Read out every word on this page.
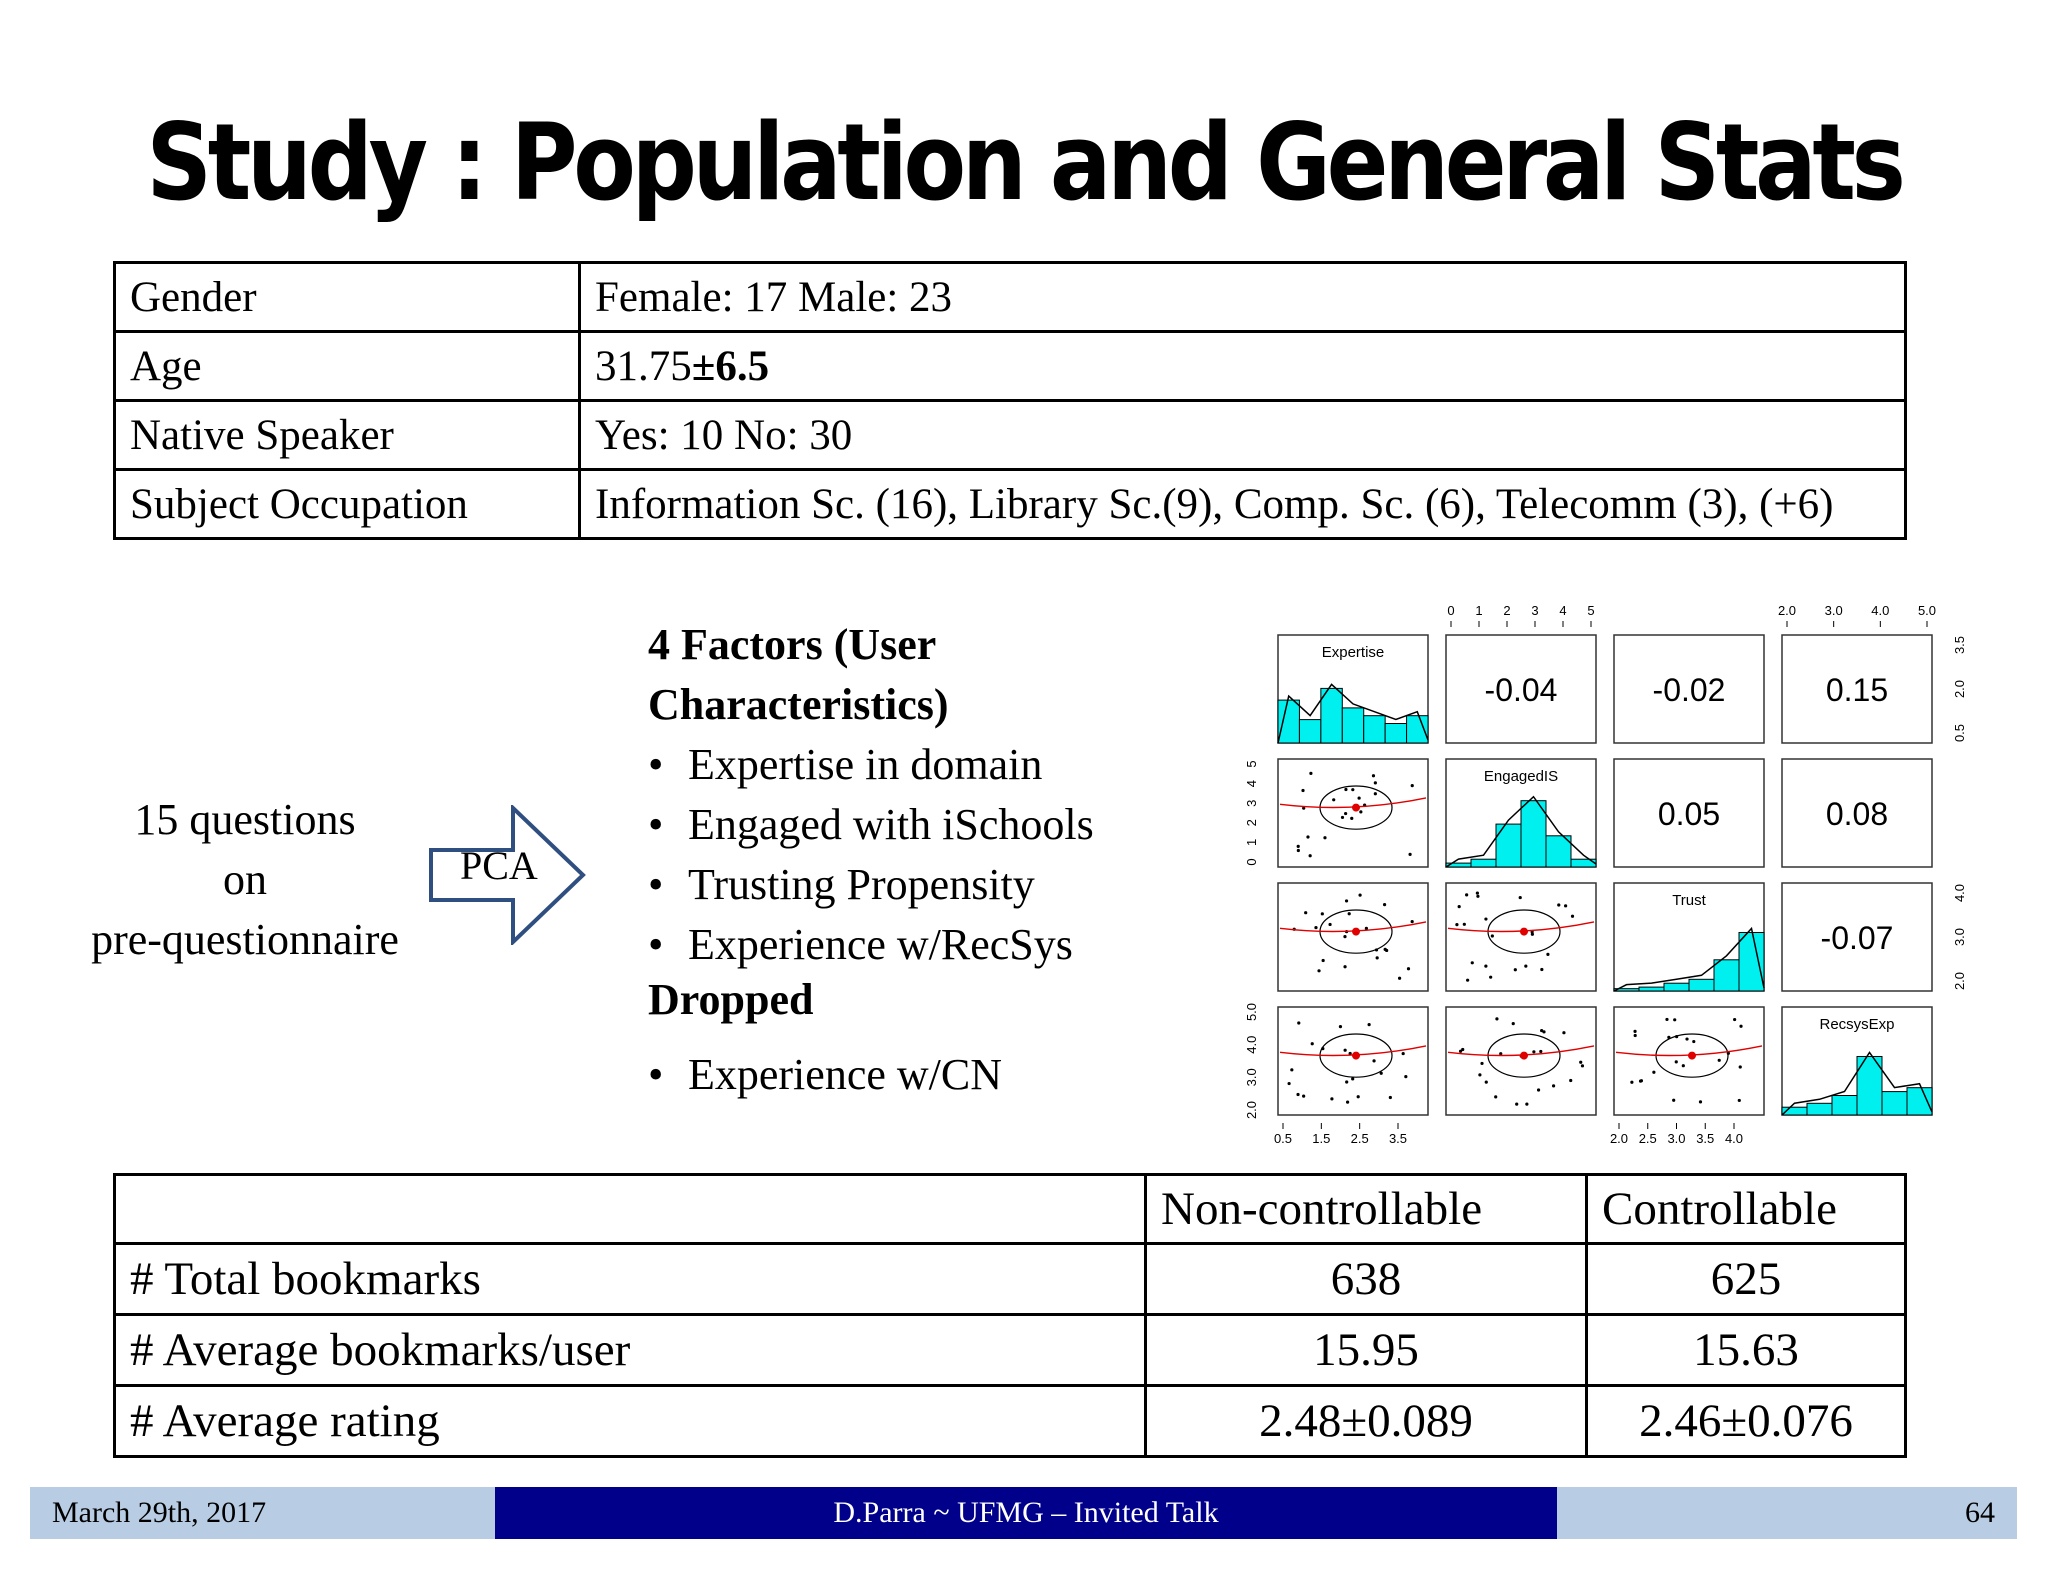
Study : Population and General Stats
Gender	Female: 17 Male: 23
Age	31.75±6.5
Native Speaker	Yes: 10 No: 30
Subject Occupation	Information Sc. (16), Library Sc.(9), Comp. Sc. (6), Telecomm (3), (+6)
15 questions
on
pre-questionnaire
PCA
4 Factors (User
Characteristics)
• Expertise in domain
• Engaged with iSchools
• Trusting Propensity
• Experience w/RecSys
Dropped
• Experience w/CN
Expertise
-0.04	-0.02	0.15
EngagedIS
0.05	0.08
Trust
-0.07
RecsysExp
0 1 2 3 4 5	2.0 3.0 4.0 5.0
0.5 1.5 2.5 3.5	2.0 2.5 3.0 3.5 4.0
0
1
2
3
4
5
2.0
3.0
4.0
5.0
0.5
2.0
3.5
2.0
3.0
4.0
	Non-controllable	Controllable
# Total bookmarks	638	625
# Average bookmarks/user	15.95	15.63
# Average rating	2.48±0.089	2.46±0.076
March 29th, 2017	D.Parra ~ UFMG – Invited Talk	64
